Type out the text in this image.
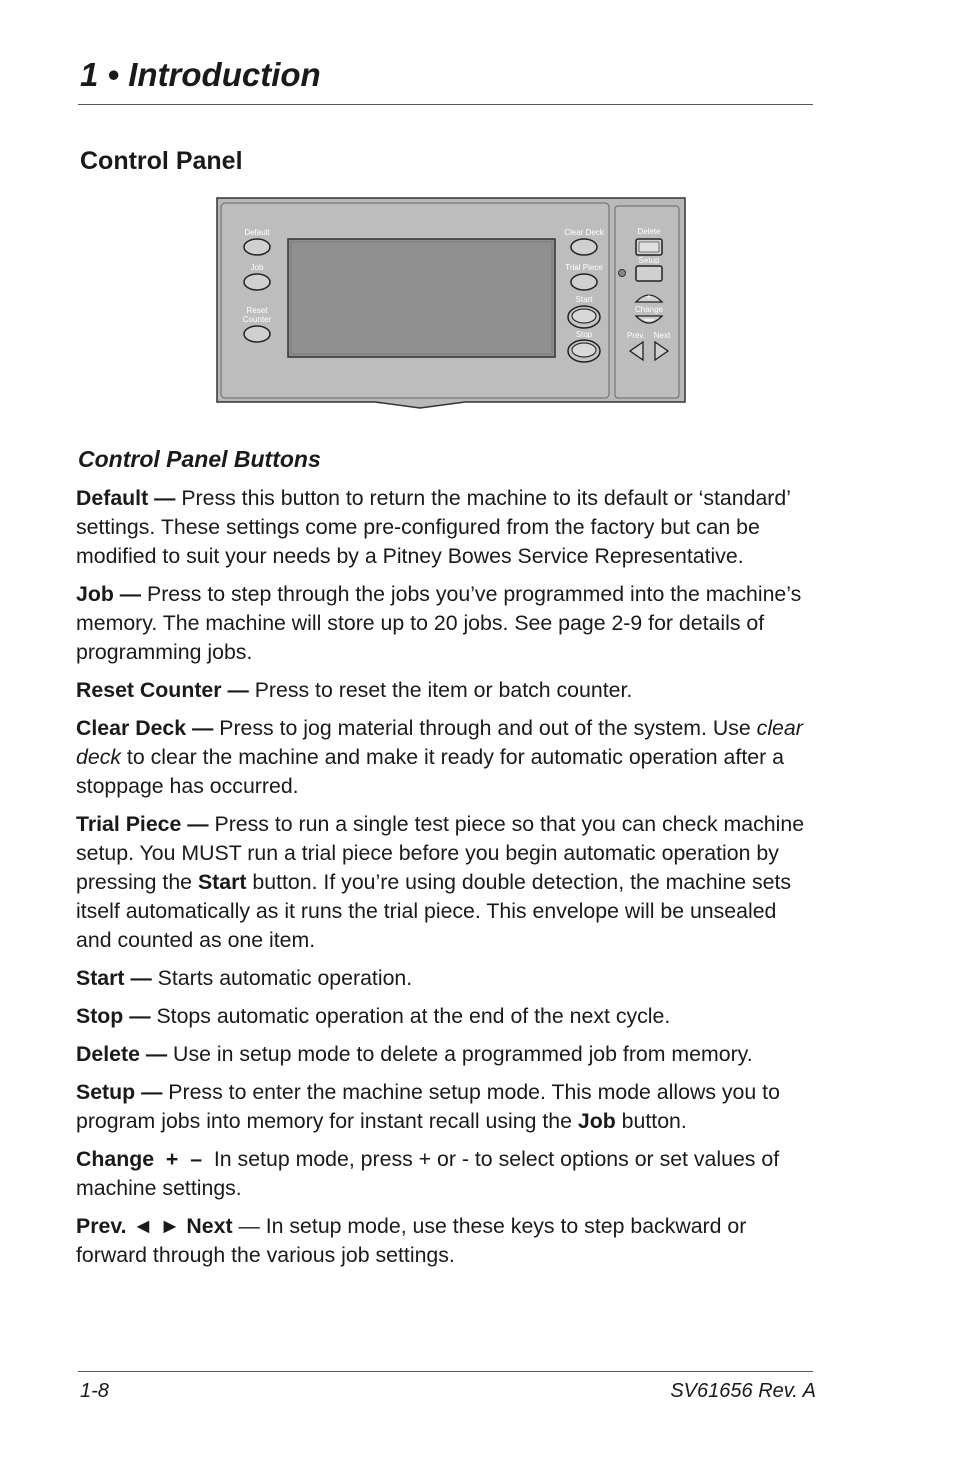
1 • Introduction
Control Panel
Default
Job
Reset
Counter
Clear Deck
Trial Piece
Start
Stop
Delete
Setup
+
Change
Prev. Next
Control Panel Buttons

Default — Press this button to return the machine to its default or ‘standard’ settings. These settings come pre-configured from the factory but can be modified to suit your needs by a Pitney Bowes Service Representative.

Job — Press to step through the jobs you’ve programmed into the machine’s memory. The machine will store up to 20 jobs. See page 2-9 for details of programming jobs.

Reset Counter — Press to reset the item or batch counter.

Clear Deck — Press to jog material through and out of the system. Use clear deck to clear the machine and make it ready for automatic operation after a stoppage has occurred.

Trial Piece — Press to run a single test piece so that you can check machine setup. You MUST run a trial piece before you begin automatic operation by pressing the Start button. If you’re using double detection, the machine sets itself automatically as it runs the trial piece. This envelope will be unsealed and counted as one item.

Start — Starts automatic operation.

Stop — Stops automatic operation at the end of the next cycle.

Delete — Use in setup mode to delete a programmed job from memory.

Setup — Press to enter the machine setup mode. This mode allows you to program jobs into memory for instant recall using the Job button.

Change  +  –  In setup mode, press + or - to select options or set values of machine settings.

Prev. ◄ ► Next — In setup mode, use these keys to step backward or forward through the various job settings.

1-8	SV61656 Rev. A
